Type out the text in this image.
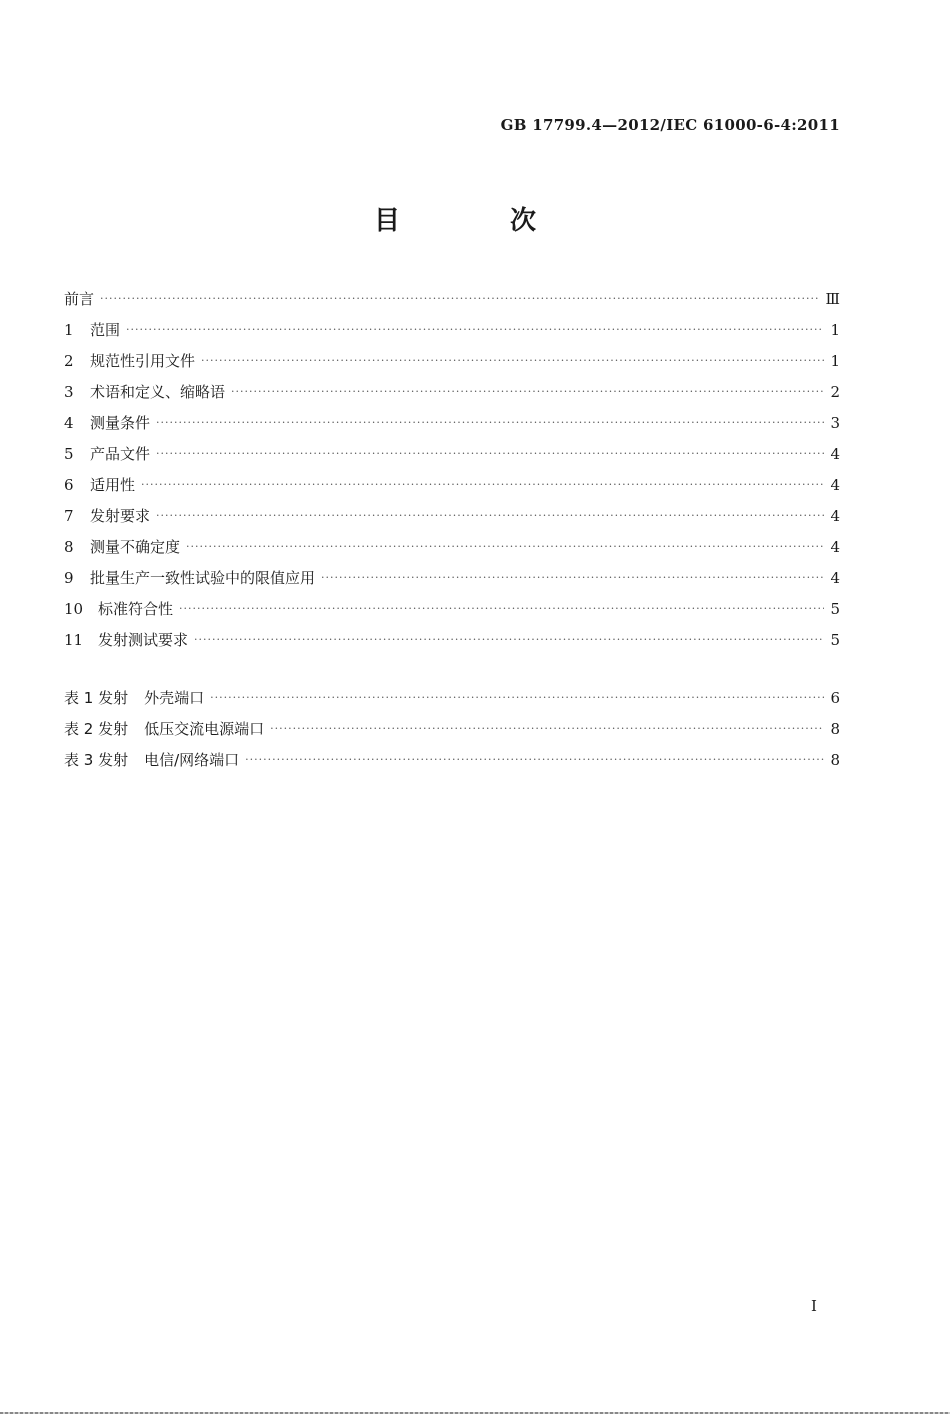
GB 17799.4—2012/IEC 61000-6-4:2011
目　次
前言 ·····	Ⅲ
1	范围 ·····	1
2	规范性引用文件 ·····	1
3	术语和定义、缩略语 ·····	2
4	测量条件 ·····	3
5	产品文件 ·····	4
6	适用性 ·····	4
7	发射要求 ·····	4
8	测量不确定度 ·····	4
9	批量生产一致性试验中的限值应用 ·····	4
10 标准符合性 ·····	5
11 发射测试要求 ·····	5
表 1 发射 外壳端口 ·····	6
表 2 发射 低压交流电源端口 ·····	8
表 3 发射 电信/网络端口 ·····	8
I
